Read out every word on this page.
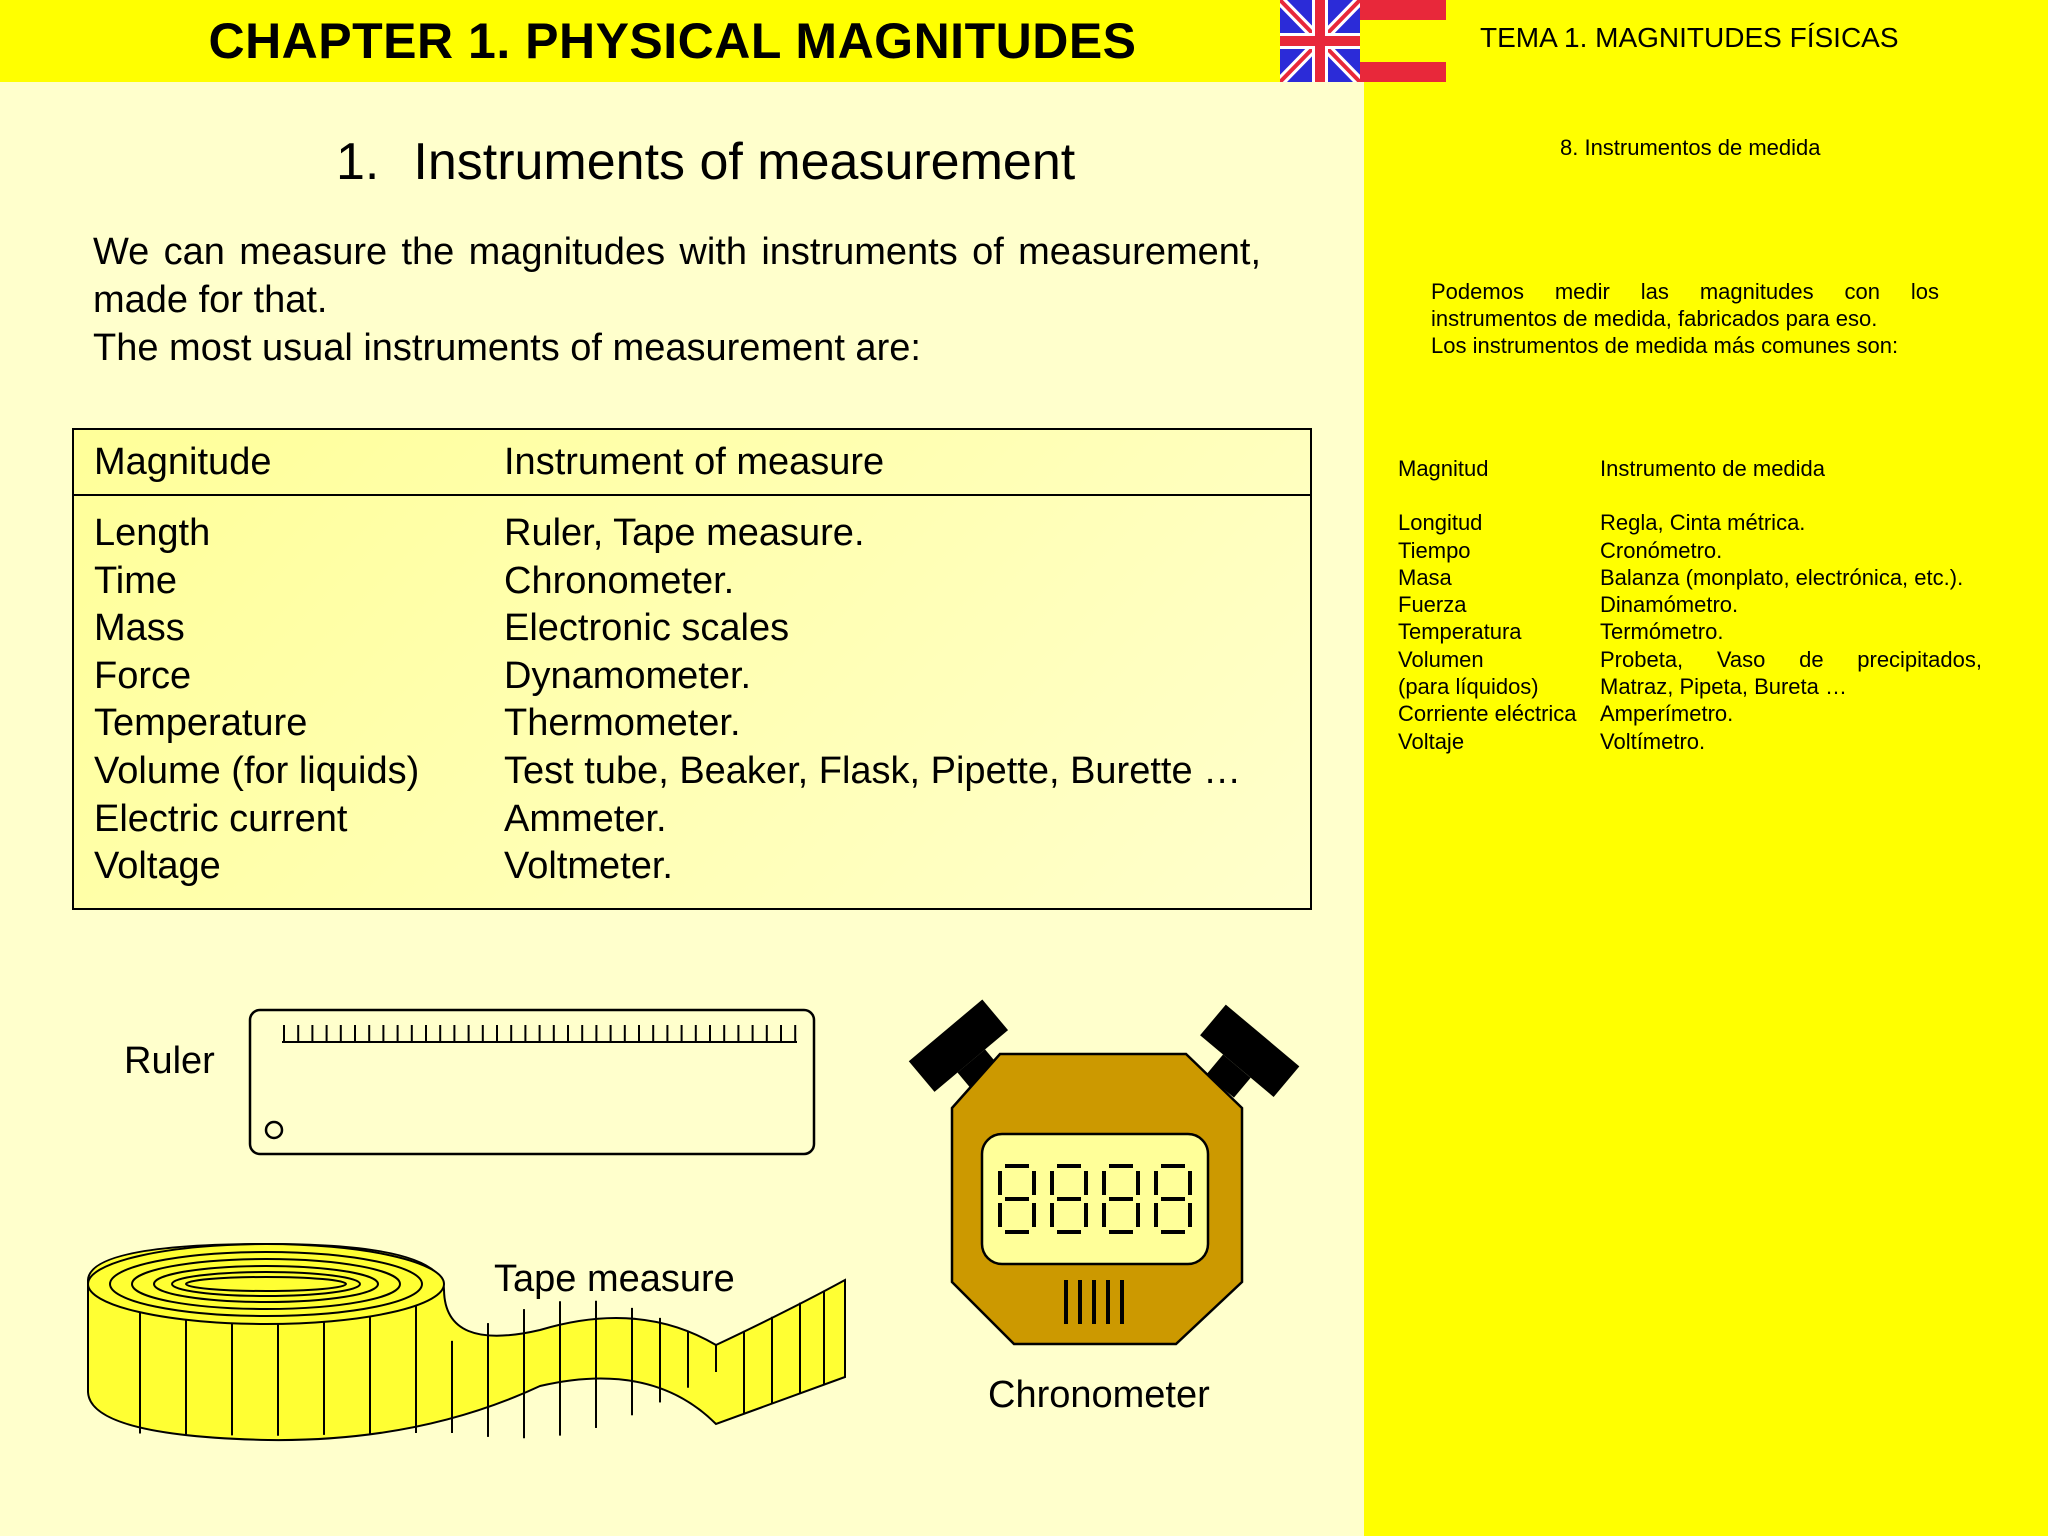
CHAPTER 1. PHYSICAL MAGNITUDES	TEMA 1. MAGNITUDES FÍSICAS
8. Instrumentos de medida
Podemos medir las magnitudes con los instrumentos de medida, fabricados para eso.
Los instrumentos de medida más comunes son:
Magnitud	Instrumento de medida
Longitud	Regla, Cinta métrica.
Tiempo	Cronómetro.
Masa	Balanza (monplato, electrónica, etc.).
Fuerza	Dinamómetro.
Temperatura	Termómetro.
Volumen	Probeta, Vaso de precipitados,
(para líquidos)	Matraz, Pipeta, Bureta …
Corriente eléctrica	Amperímetro.
Voltaje	Voltímetro.
1. Instruments of measurement
We can measure the magnitudes with instruments of measurement, made for that.
The most usual instruments of measurement are:
Magnitude	Instrument of measure
Length	Ruler, Tape measure.
Time	Chronometer.
Mass	Electronic scales
Force	Dynamometer.
Temperature	Thermometer.
Volume (for liquids)	Test tube, Beaker, Flask, Pipette, Burette …
Electric current	Ammeter.
Voltage	Voltmeter.
Ruler
Tape measure
Chronometer
